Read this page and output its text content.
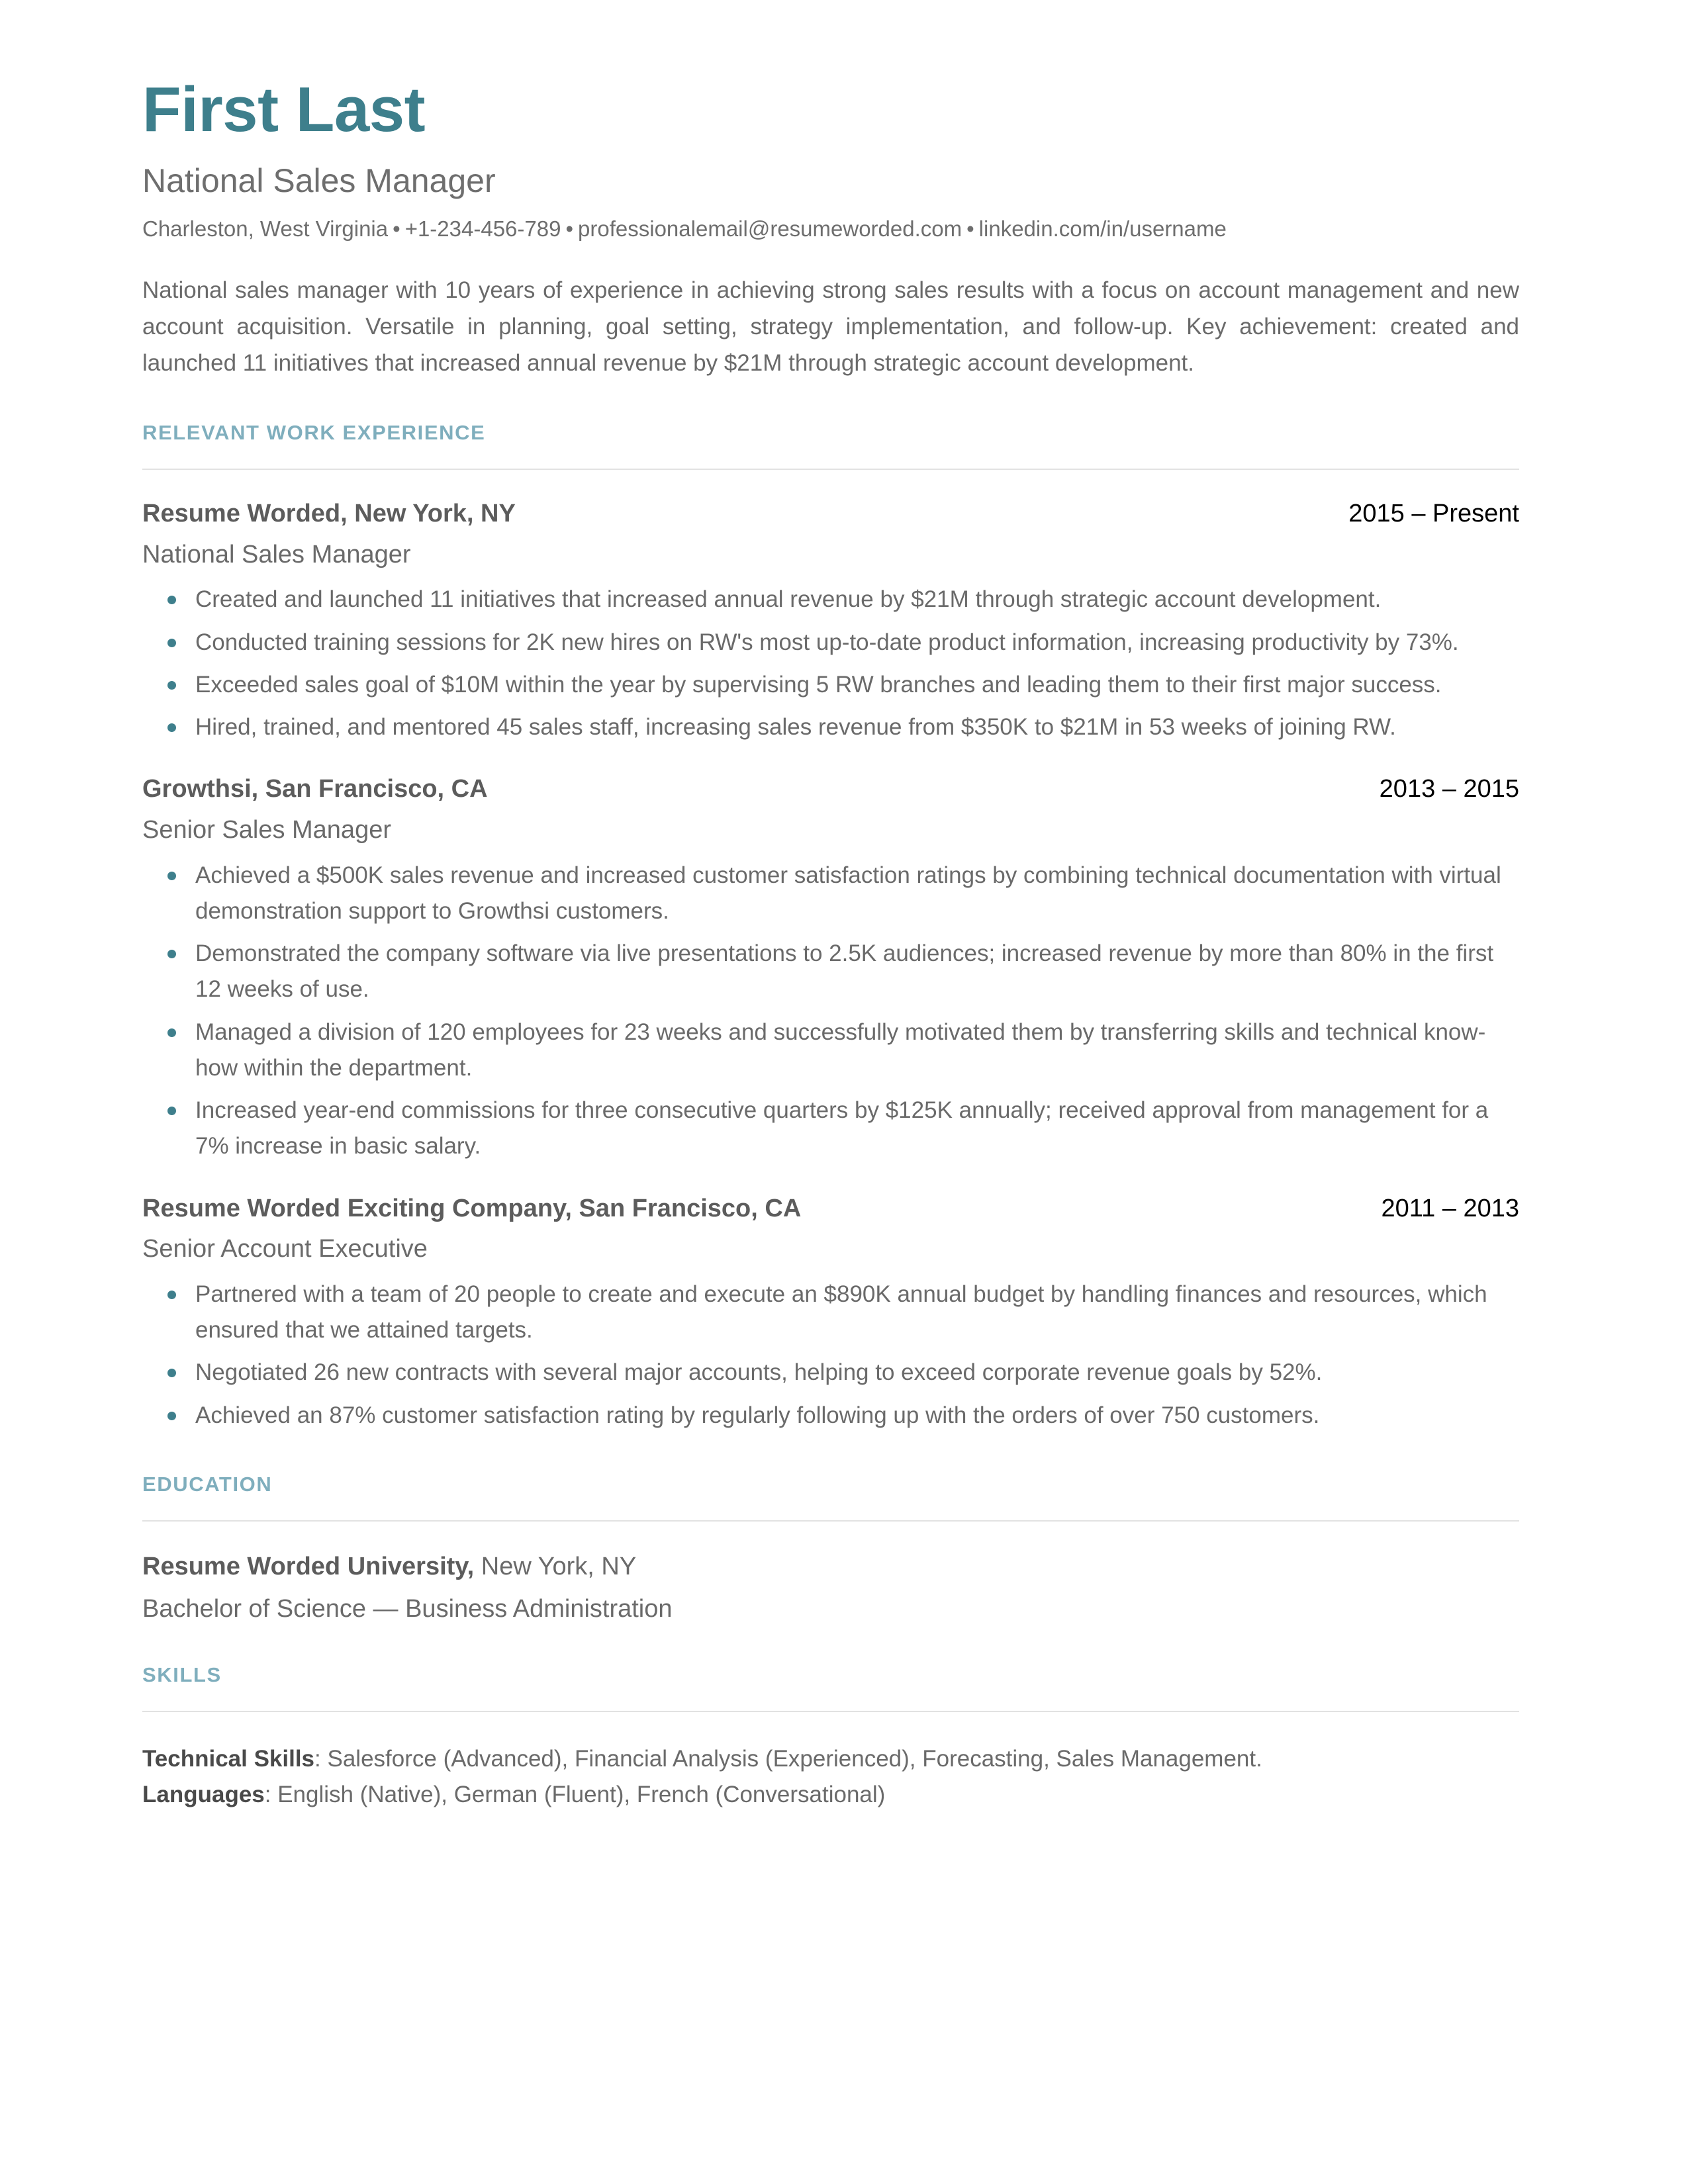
First Last
National Sales Manager
Charleston, West Virginia • +1-234-456-789 • professionalemail@resumeworded.com • linkedin.com/in/username

National sales manager with 10 years of experience in achieving strong sales results with a focus on account management and new account acquisition. Versatile in planning, goal setting, strategy implementation, and follow-up. Key achievement: created and launched 11 initiatives that increased annual revenue by $21M through strategic account development.

RELEVANT WORK EXPERIENCE
Resume Worded, New York, NY	2015 – Present
National Sales Manager
Created and launched 11 initiatives that increased annual revenue by $21M through strategic account development.
Conducted training sessions for 2K new hires on RW's most up-to-date product information, increasing productivity by 73%.
Exceeded sales goal of $10M within the year by supervising 5 RW branches and leading them to their first major success.
Hired, trained, and mentored 45 sales staff, increasing sales revenue from $350K to $21M in 53 weeks of joining RW.
Growthsi, San Francisco, CA	2013 – 2015
Senior Sales Manager
Achieved a $500K sales revenue and increased customer satisfaction ratings by combining technical documentation with virtual demonstration support to Growthsi customers.
Demonstrated the company software via live presentations to 2.5K audiences; increased revenue by more than 80% in the first 12 weeks of use.
Managed a division of 120 employees for 23 weeks and successfully motivated them by transferring skills and technical know-how within the department.
Increased year-end commissions for three consecutive quarters by $125K annually; received approval from management for a 7% increase in basic salary.
Resume Worded Exciting Company, San Francisco, CA	2011 – 2013
Senior Account Executive
Partnered with a team of 20 people to create and execute an $890K annual budget by handling finances and resources, which ensured that we attained targets.
Negotiated 26 new contracts with several major accounts, helping to exceed corporate revenue goals by 52%.
Achieved an 87% customer satisfaction rating by regularly following up with the orders of over 750 customers.
EDUCATION
Resume Worded University, New York, NY
Bachelor of Science — Business Administration
SKILLS
Technical Skills: Salesforce (Advanced), Financial Analysis (Experienced), Forecasting, Sales Management.
Languages: English (Native), German (Fluent), French (Conversational)
